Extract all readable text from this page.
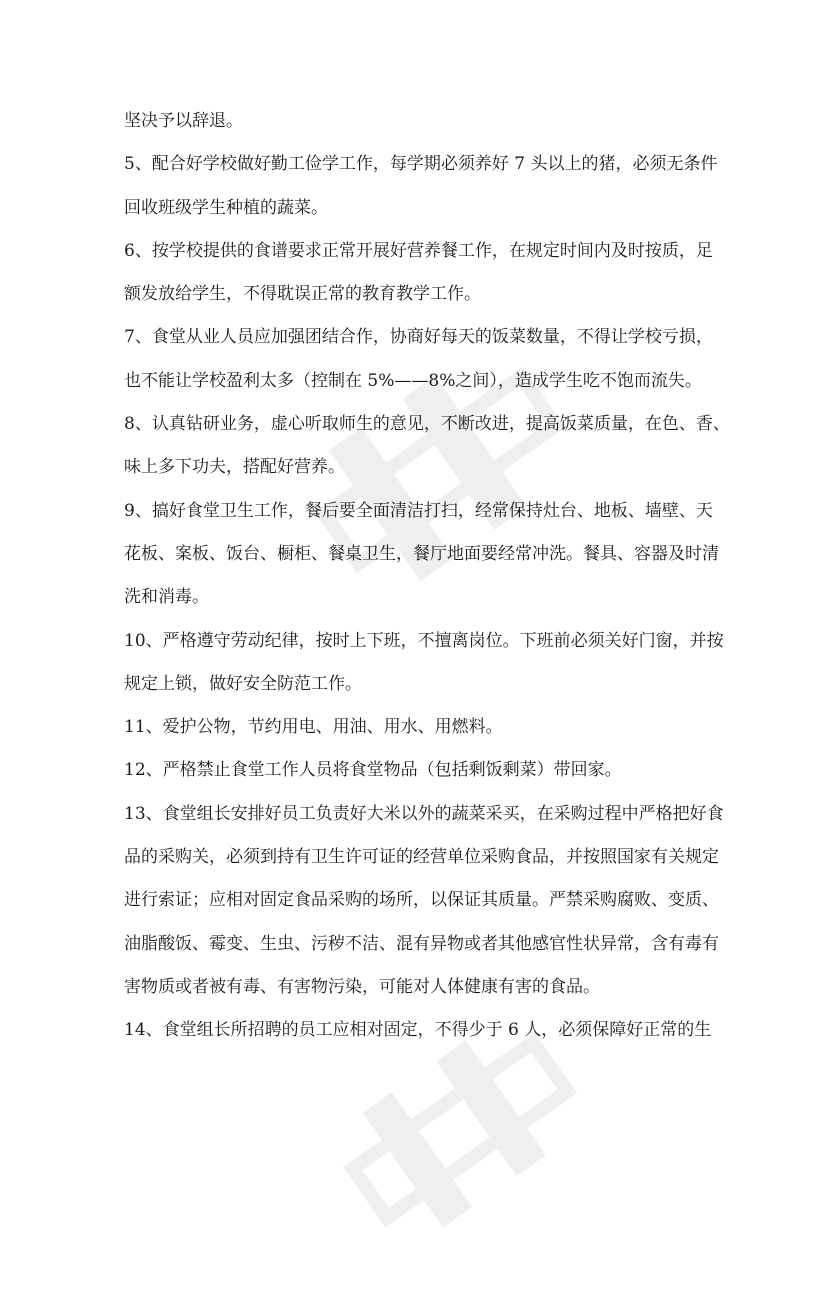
坚决予以辞退。

5、配合好学校做好勤工俭学工作，每学期必须养好 7 头以上的猪，必须无条件

回收班级学生种植的蔬菜。

6、按学校提供的食谱要求正常开展好营养餐工作，在规定时间内及时按质，足

额发放给学生，不得耽误正常的教育教学工作。

7、食堂从业人员应加强团结合作，协商好每天的饭菜数量，不得让学校亏损，

也不能让学校盈利太多（控制在 5%——8%之间），造成学生吃不饱而流失。

8、认真钻研业务，虚心听取师生的意见，不断改进，提高饭菜质量，在色、香、

味上多下功夫，搭配好营养。

9、搞好食堂卫生工作，餐后要全面清洁打扫，经常保持灶台、地板、墙壁、天

花板、案板、饭台、橱柜、餐桌卫生，餐厅地面要经常冲洗。餐具、容器及时清

洗和消毒。

10、严格遵守劳动纪律，按时上下班，不擅离岗位。下班前必须关好门窗，并按

规定上锁，做好安全防范工作。

11、爱护公物，节约用电、用油、用水、用燃料。

12、严格禁止食堂工作人员将食堂物品（包括剩饭剩菜）带回家。

13、食堂组长安排好员工负责好大米以外的蔬菜采买，在采购过程中严格把好食

品的采购关，必须到持有卫生许可证的经营单位采购食品，并按照国家有关规定

进行索证；应相对固定食品采购的场所，以保证其质量。严禁采购腐败、变质、

油脂酸饭、霉变、生虫、污秽不洁、混有异物或者其他感官性状异常，含有毒有

害物质或者被有毒、有害物污染，可能对人体健康有害的食品。

14、食堂组长所招聘的员工应相对固定，不得少于 6 人，必须保障好正常的生
